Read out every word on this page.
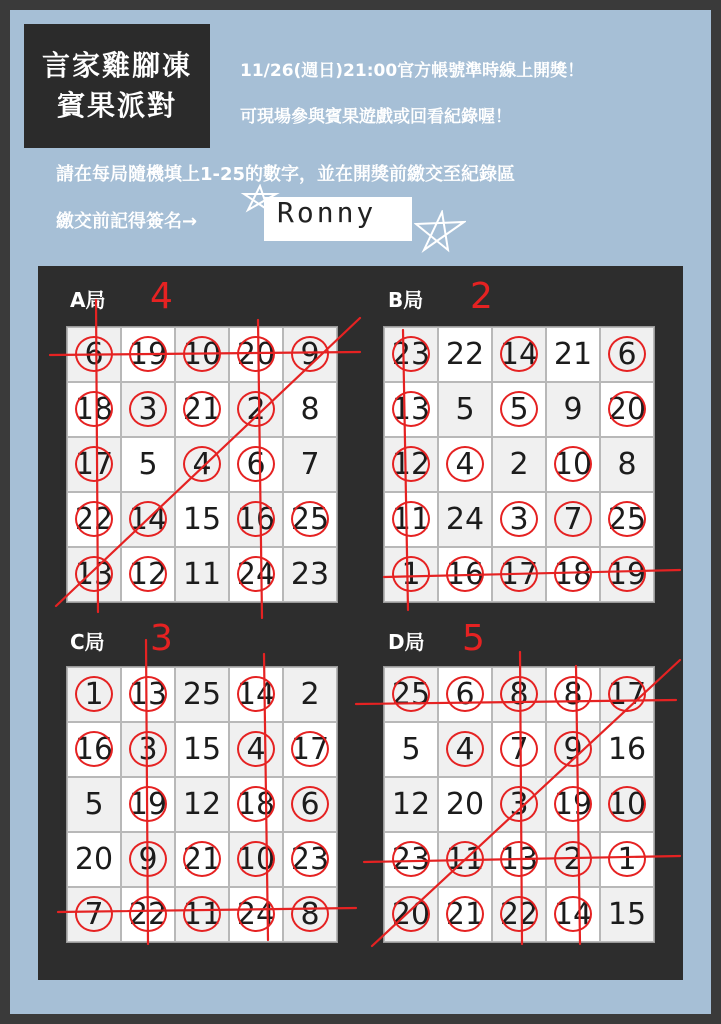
言家雞腳凍
賓果派對
11/26(週日)21:00官方帳號準時線上開獎！
可現場參與賓果遊戲或回看紀錄喔！
請在每局隨機填上1-25的數字，並在開獎前繳交至紀錄區
繳交前記得簽名→	Ronny
A局 4
6 19 10 20 9
18 3 21 2	8
17 5	4	6	7
22 14 15 16 25
13 12 11 24 23
B局 2
23 22 14 21 6
13 5	5	9 20
12 4	2 10 8
11 24 3	7 25
1 16 17 18 19
C局 3
1 13 25 14 2
16 3 15 4 17
5 19 12 18 6
20 9 21 10 23
7 22 11 24 8
D局 5
25 6	8	8 17
5	4	7	9 16
12 20 3 19 10
23 11 13 2	1
20 21 22 14 15
